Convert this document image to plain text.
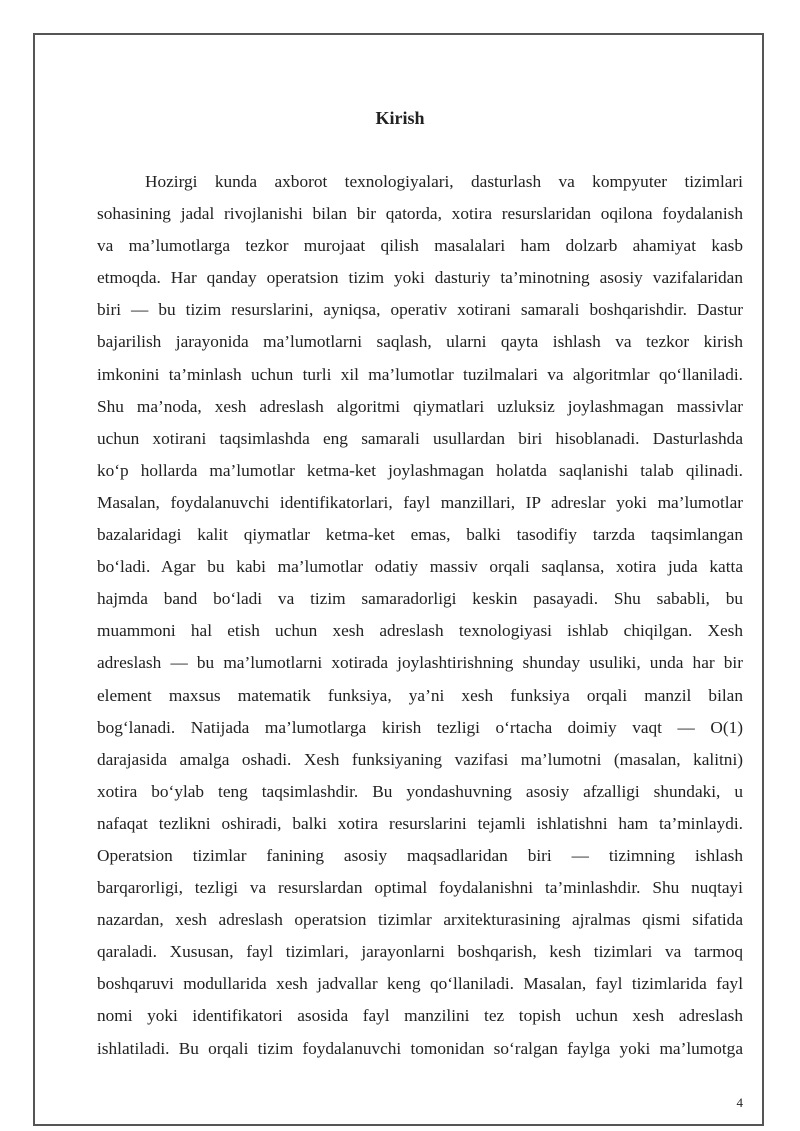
Kirish
Hozirgi kunda axborot texnologiyalari, dasturlash va kompyuter tizimlari
sohasining jadal rivojlanishi bilan bir qatorda, xotira resurslaridan oqilona foydalanish
va ma’lumotlarga tezkor murojaat qilish masalalari ham dolzarb ahamiyat kasb
etmoqda. Har qanday operatsion tizim yoki dasturiy ta’minotning asosiy vazifalaridan
biri — bu tizim resurslarini, ayniqsa, operativ xotirani samarali boshqarishdir. Dastur
bajarilish jarayonida ma’lumotlarni saqlash, ularni qayta ishlash va tezkor kirish
imkonini ta’minlash uchun turli xil ma’lumotlar tuzilmalari va algoritmlar qo‘llaniladi.
Shu ma’noda, xesh adreslash algoritmi qiymatlari uzluksiz joylashmagan massivlar
uchun xotirani taqsimlashda eng samarali usullardan biri hisoblanadi. Dasturlashda
ko‘p hollarda ma’lumotlar ketma-ket joylashmagan holatda saqlanishi talab qilinadi.
Masalan, foydalanuvchi identifikatorlari, fayl manzillari, IP adreslar yoki ma’lumotlar
bazalaridagi kalit qiymatlar ketma-ket emas, balki tasodifiy tarzda taqsimlangan
bo‘ladi. Agar bu kabi ma’lumotlar odatiy massiv orqali saqlansa, xotira juda katta
hajmda band bo‘ladi va tizim samaradorligi keskin pasayadi. Shu sababli, bu
muammoni hal etish uchun xesh adreslash texnologiyasi ishlab chiqilgan. Xesh
adreslash — bu ma’lumotlarni xotirada joylashtirishning shunday usuliki, unda har bir
element maxsus matematik funksiya, ya’ni xesh funksiya orqali manzil bilan
bog‘lanadi. Natijada ma’lumotlarga kirish tezligi o‘rtacha doimiy vaqt — O(1)
darajasida amalga oshadi. Xesh funksiyaning vazifasi ma’lumotni (masalan, kalitni)
xotira bo‘ylab teng taqsimlashdir. Bu yondashuvning asosiy afzalligi shundaki, u
nafaqat tezlikni oshiradi, balki xotira resurslarini tejamli ishlatishni ham ta’minlaydi.
Operatsion tizimlar fanining asosiy maqsadlaridan biri — tizimning ishlash
barqarorligi, tezligi va resurslardan optimal foydalanishni ta’minlashdir. Shu nuqtayi
nazardan, xesh adreslash operatsion tizimlar arxitekturasining ajralmas qismi sifatida
qaraladi. Xususan, fayl tizimlari, jarayonlarni boshqarish, kesh tizimlari va tarmoq
boshqaruvi modullarida xesh jadvallar keng qo‘llaniladi. Masalan, fayl tizimlarida fayl
nomi yoki identifikatori asosida fayl manzilini tez topish uchun xesh adreslash
ishlatiladi. Bu orqali tizim foydalanuvchi tomonidan so‘ralgan faylga yoki ma’lumotga
4
